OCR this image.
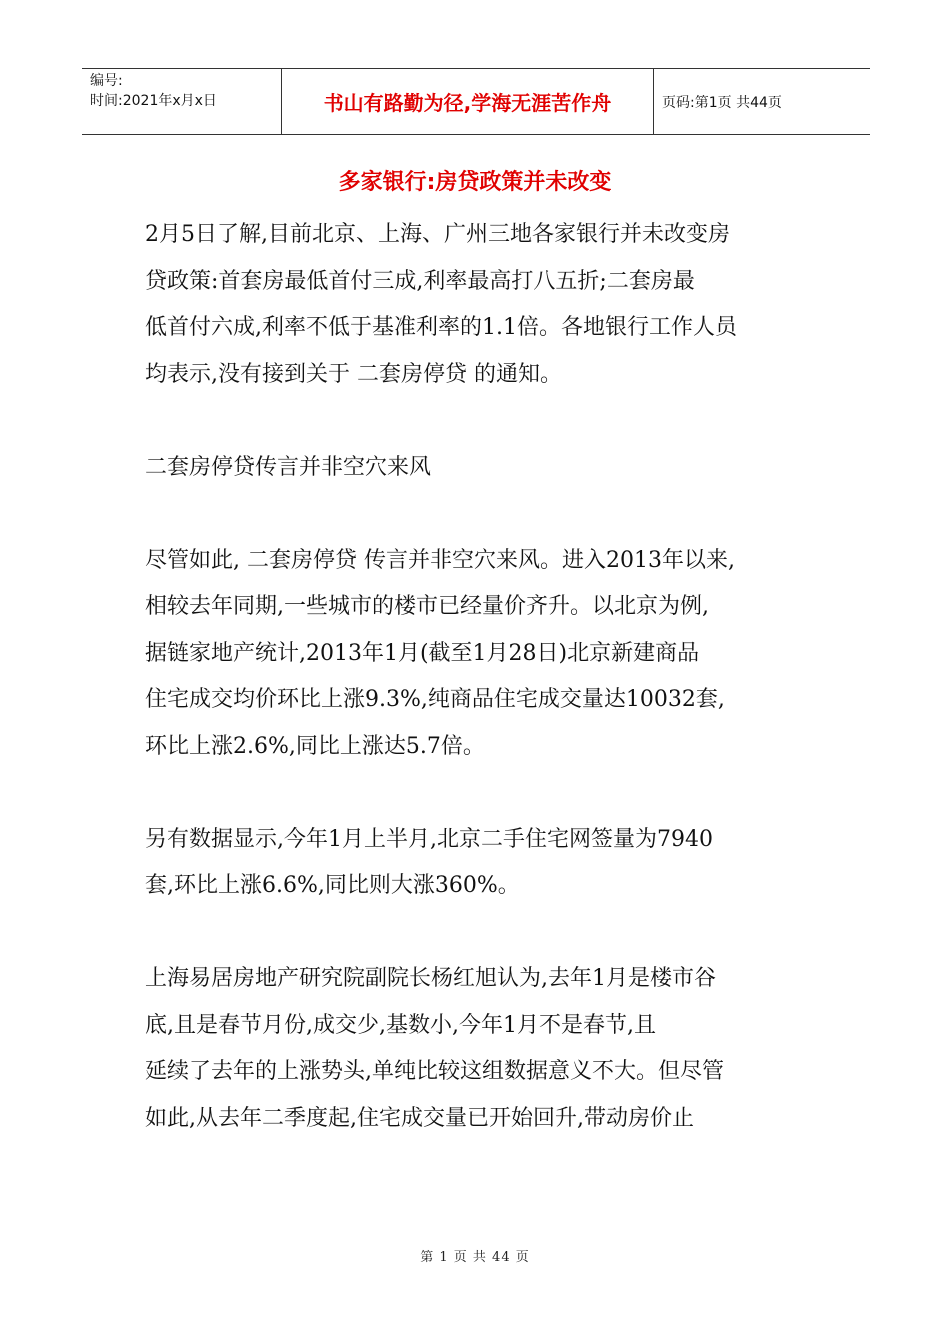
编号:
时间:2021年x月x日	书山有路勤为径,学海无涯苦作舟	页码:第1页 共44页
多家银行:房贷政策并未改变
2月5日了解,目前北京、上海、广州三地各家银行并未改变房
贷政策:首套房最低首付三成,利率最高打八五折;二套房最
低首付六成,利率不低于基准利率的1.1倍。各地银行工作人员
均表示,没有接到关于 二套房停贷 的通知。
二套房停贷传言并非空穴来风
尽管如此, 二套房停贷 传言并非空穴来风。进入2013年以来,
相较去年同期,一些城市的楼市已经量价齐升。以北京为例,
据链家地产统计,2013年1月(截至1月28日)北京新建商品
住宅成交均价环比上涨9.3%,纯商品住宅成交量达10032套,
环比上涨2.6%,同比上涨达5.7倍。
另有数据显示,今年1月上半月,北京二手住宅网签量为7940
套,环比上涨6.6%,同比则大涨360%。
上海易居房地产研究院副院长杨红旭认为,去年1月是楼市谷
底,且是春节月份,成交少,基数小,今年1月不是春节,且
延续了去年的上涨势头,单纯比较这组数据意义不大。但尽管
如此,从去年二季度起,住宅成交量已开始回升,带动房价止
第 1 页 共 44 页
